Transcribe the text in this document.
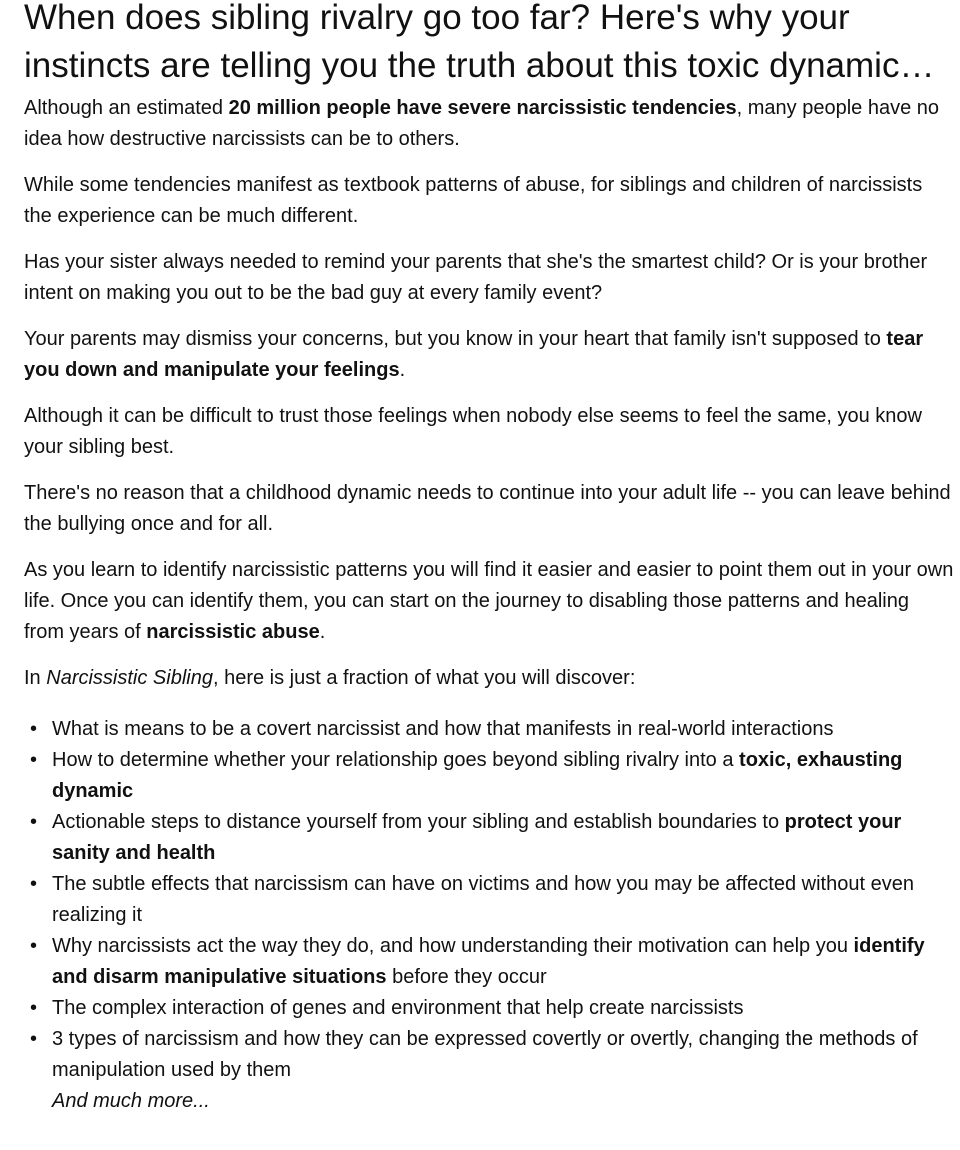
When does sibling rivalry go too far? Here's why your instincts are telling you the truth about this toxic dynamic…

Although an estimated 20 million people have severe narcissistic tendencies, many people have no idea how destructive narcissists can be to others.

While some tendencies manifest as textbook patterns of abuse, for siblings and children of narcissists the experience can be much different.

Has your sister always needed to remind your parents that she's the smartest child? Or is your brother intent on making you out to be the bad guy at every family event?

Your parents may dismiss your concerns, but you know in your heart that family isn't supposed to tear you down and manipulate your feelings.

Although it can be difficult to trust those feelings when nobody else seems to feel the same, you know your sibling best.

There's no reason that a childhood dynamic needs to continue into your adult life -- you can leave behind the bullying once and for all.

As you learn to identify narcissistic patterns you will find it easier and easier to point them out in your own life. Once you can identify them, you can start on the journey to disabling those patterns and healing from years of narcissistic abuse.

In Narcissistic Sibling, here is just a fraction of what you will discover:

• What is means to be a covert narcissist and how that manifests in real-world interactions
• How to determine whether your relationship goes beyond sibling rivalry into a toxic, exhausting dynamic
• Actionable steps to distance yourself from your sibling and establish boundaries to protect your sanity and health
• The subtle effects that narcissism can have on victims and how you may be affected without even realizing it
• Why narcissists act the way they do, and how understanding their motivation can help you identify and disarm manipulative situations before they occur
• The complex interaction of genes and environment that help create narcissists
• 3 types of narcissism and how they can be expressed covertly or overtly, changing the methods of manipulation used by them
And much more...
